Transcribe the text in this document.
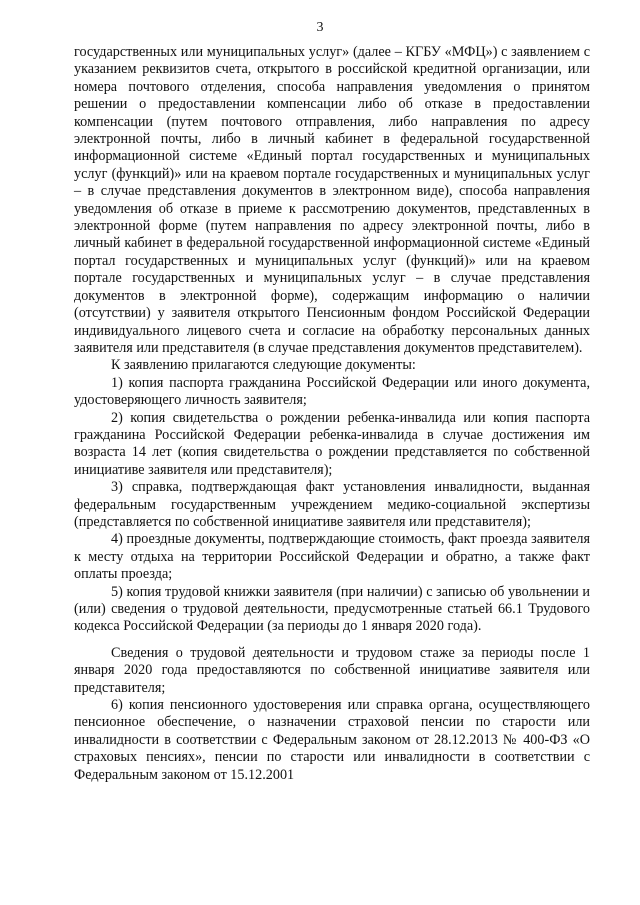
3

государственных или муниципальных услуг» (далее – КГБУ «МФЦ») с заявлением с указанием реквизитов счета, открытого в российской кредитной организации, или номера почтового отделения, способа направления уведомления о принятом решении о предоставлении компенсации либо об отказе в предоставлении компенсации (путем почтового отправления, либо направления по адресу электронной почты, либо в личный кабинет в федеральной государственной информационной системе «Единый портал государственных и муниципальных услуг (функций)» или на краевом портале государственных и муниципальных услуг – в случае представления документов в электронном виде), способа направления уведомления об отказе в приеме к рассмотрению документов, представленных в электронной форме (путем направления по адресу электронной почты, либо в личный кабинет в федеральной государственной информационной системе «Единый портал государственных и муниципальных услуг (функций)» или на краевом портале государственных и муниципальных услуг – в случае представления документов в электронной форме), содержащим информацию о наличии (отсутствии) у заявителя открытого Пенсионным фондом Российской Федерации индивидуального лицевого счета и согласие на обработку персональных данных заявителя или представителя (в случае представления документов представителем).

К заявлению прилагаются следующие документы:

1) копия паспорта гражданина Российской Федерации или иного документа, удостоверяющего личность заявителя;

2) копия свидетельства о рождении ребенка-инвалида или копия паспорта гражданина Российской Федерации ребенка-инвалида в случае достижения им возраста 14 лет (копия свидетельства о рождении представляется по собственной инициативе заявителя или представителя);

3) справка, подтверждающая факт установления инвалидности, выданная федеральным государственным учреждением медико-социальной экспертизы (представляется по собственной инициативе заявителя или представителя);

4) проездные документы, подтверждающие стоимость, факт проезда заявителя к месту отдыха на территории Российской Федерации и обратно, а также факт оплаты проезда;

5) копия трудовой книжки заявителя (при наличии) с записью об увольнении и (или) сведения о трудовой деятельности, предусмотренные статьей 66.1 Трудового кодекса Российской Федерации (за периоды до 1 января 2020 года).

Сведения о трудовой деятельности и трудовом стаже за периоды после 1 января 2020 года предоставляются по собственной инициативе заявителя или представителя;

6) копия пенсионного удостоверения или справка органа, осуществляющего пенсионное обеспечение, о назначении страховой пенсии по старости или инвалидности в соответствии с Федеральным законом от 28.12.2013 № 400-ФЗ «О страховых пенсиях», пенсии по старости или инвалидности в соответствии с Федеральным законом от 15.12.2001
